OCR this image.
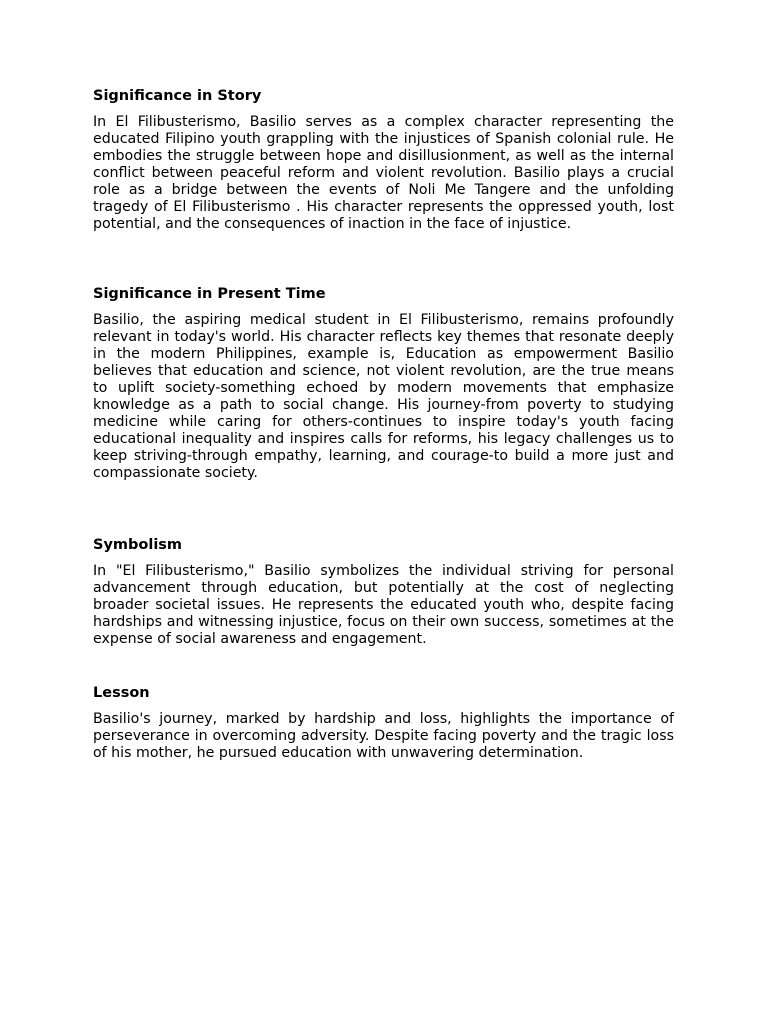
Significance in Story

In El Filibusterismo, Basilio serves as a complex character representing the educated Filipino youth grappling with the injustices of Spanish colonial rule. He embodies the struggle between hope and disillusionment, as well as the internal conflict between peaceful reform and violent revolution. Basilio plays a crucial role as a bridge between the events of Noli Me Tangere and the unfolding tragedy of El Filibusterismo . His character represents the oppressed youth, lost potential, and the consequences of inaction in the face of injustice.

Significance in Present Time

Basilio, the aspiring medical student in El Filibusterismo, remains profoundly relevant in today's world. His character reflects key themes that resonate deeply in the modern Philippines, example is, Education as empowerment Basilio believes that education and science, not violent revolution, are the true means to uplift society-something echoed by modern movements that emphasize knowledge as a path to social change. His journey-from poverty to studying medicine while caring for others-continues to inspire today's youth facing educational inequality and inspires calls for reforms, his legacy challenges us to keep striving-through empathy, learning, and courage-to build a more just and compassionate society.

Symbolism

In "El Filibusterismo," Basilio symbolizes the individual striving for personal advancement through education, but potentially at the cost of neglecting broader societal issues. He represents the educated youth who, despite facing hardships and witnessing injustice, focus on their own success, sometimes at the expense of social awareness and engagement.

Lesson

Basilio's journey, marked by hardship and loss, highlights the importance of perseverance in overcoming adversity. Despite facing poverty and the tragic loss of his mother, he pursued education with unwavering determination.
